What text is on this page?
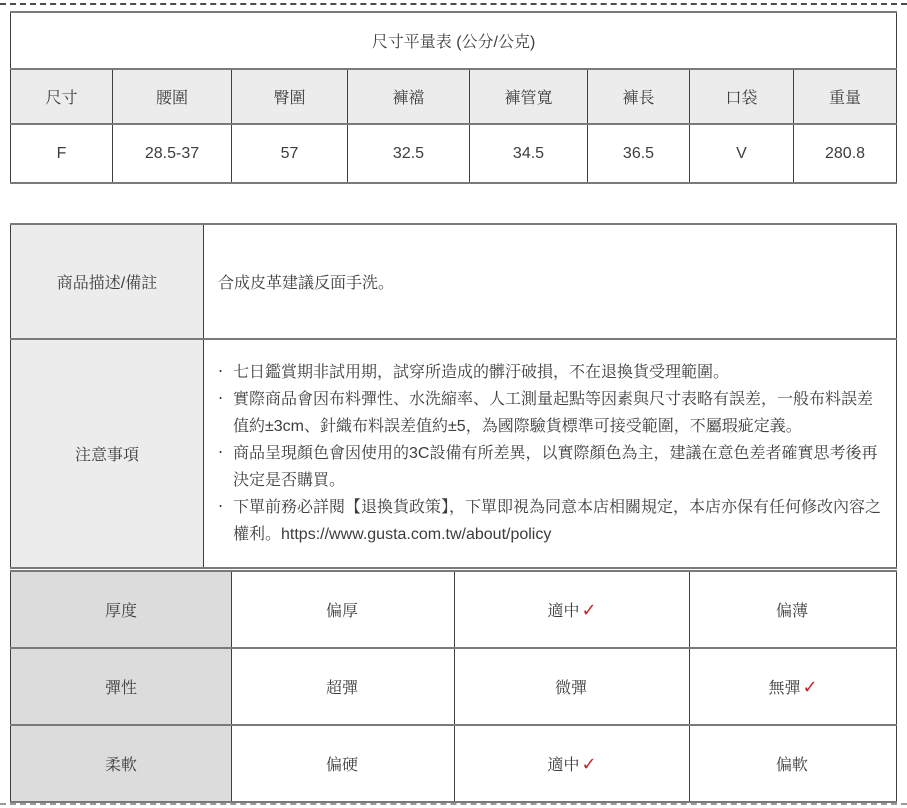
尺寸平量表 (公分/公克)							
尺寸	腰圍	臀圍	褲襠	褲管寬	褲長	口袋	重量
F	28.5-37	57	32.5	34.5	36.5	V	280.8
商品描述/備註	合成皮革建議反面手洗。
注意事項	
‧ 七日鑑賞期非試用期，試穿所造成的髒汙破損，不在退換貨受理範圍。
‧ 實際商品會因布料彈性、水洗縮率、人工測量起點等因素與尺寸表略有誤差，一般布料誤差值約±3cm、針織布料誤差值約±5，為國際驗貨標準可接受範圍，不屬瑕疵定義。
‧ 商品呈現顏色會因使用的3C設備有所差異，以實際顏色為主，建議在意色差者確實思考後再決定是否購買。
‧ 下單前務必詳閱【退換貨政策】，下單即視為同意本店相關規定，本店亦保有任何修改內容之權利。https://www.gusta.com.tw/about/policy
厚度	偏厚	適中 ✓	偏薄
彈性	超彈	微彈	無彈 ✓
柔軟	偏硬	適中 ✓	偏軟
